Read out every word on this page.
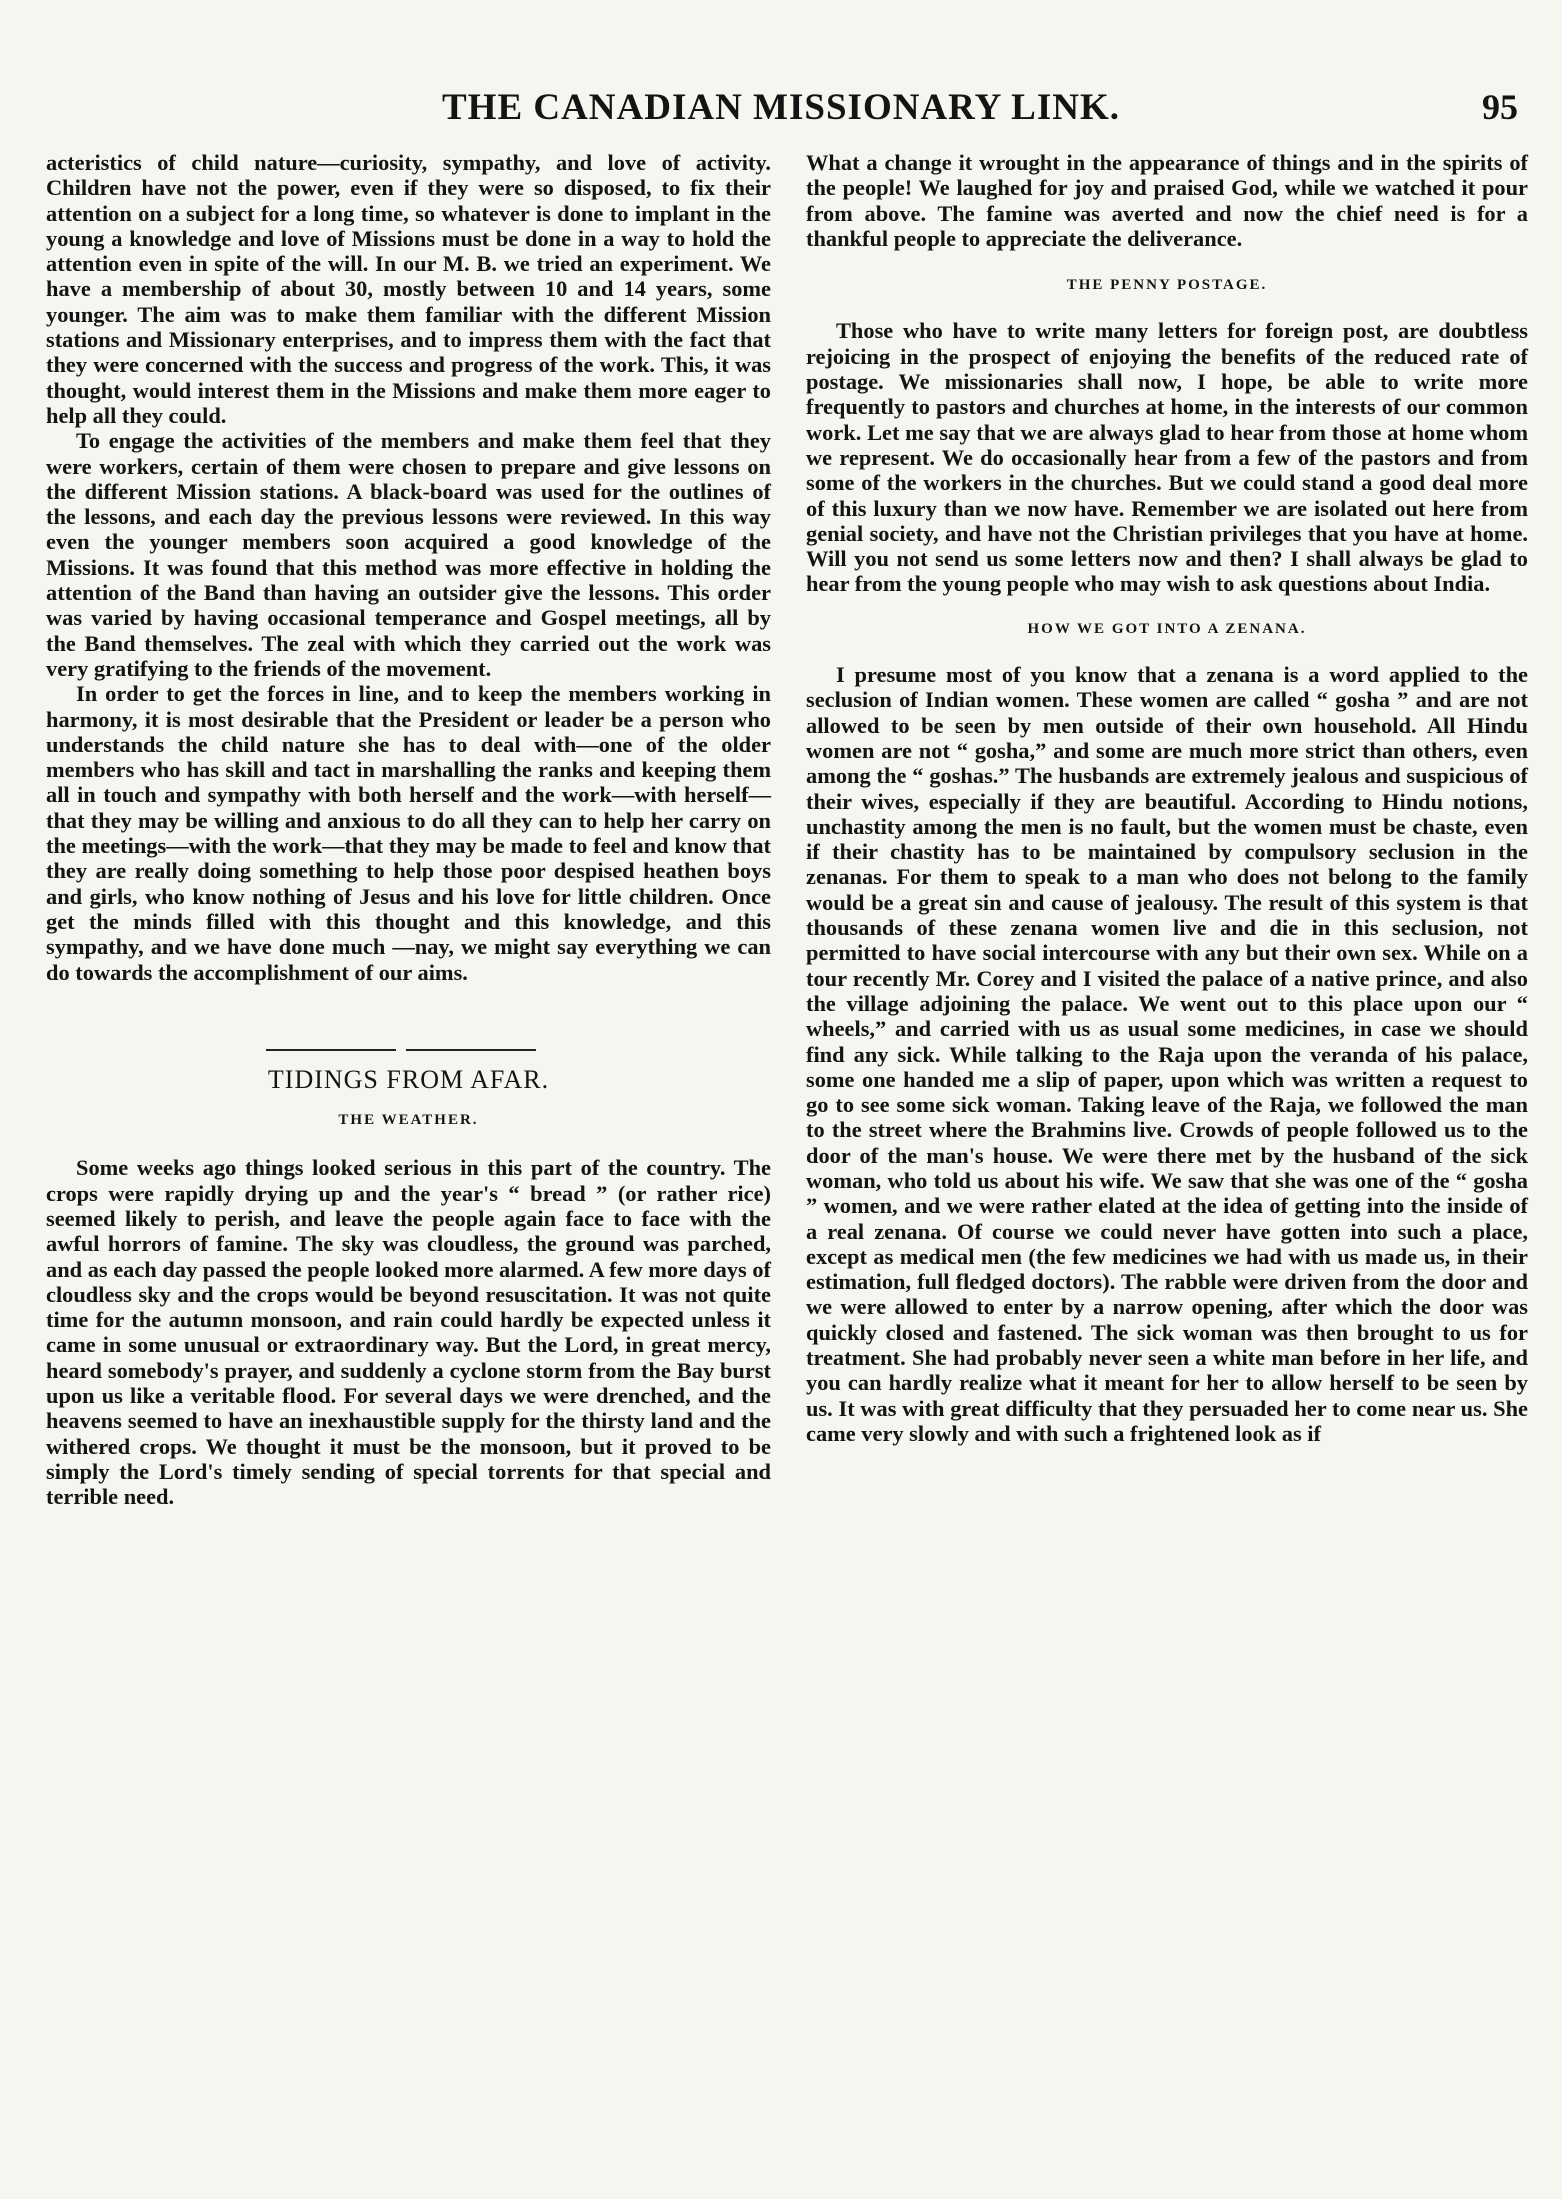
THE CANADIAN MISSIONARY LINK.	95

acteristics of child nature—curiosity, sympathy, and love of activity. Children have not the power, even if they were so disposed, to fix their attention on a subject for a long time, so whatever is done to implant in the young a knowledge and love of Missions must be done in a way to hold the attention even in spite of the will. In our M. B. we tried an experiment. We have a membership of about 30, mostly between 10 and 14 years, some younger. The aim was to make them familiar with the different Mission stations and Missionary enterprises, and to impress them with the fact that they were concerned with the success and progress of the work. This, it was thought, would interest them in the Missions and make them more eager to help all they could.

To engage the activities of the members and make them feel that they were workers, certain of them were chosen to prepare and give lessons on the different Mission stations. A black-board was used for the outlines of the lessons, and each day the previous lessons were reviewed. In this way even the younger members soon acquired a good knowledge of the Missions. It was found that this method was more effective in holding the attention of the Band than having an outsider give the lessons. This order was varied by having occasional temperance and Gospel meetings, all by the Band themselves. The zeal with which they carried out the work was very gratifying to the friends of the movement.

In order to get the forces in line, and to keep the members working in harmony, it is most desirable that the President or leader be a person who understands the child nature she has to deal with—one of the older members who has skill and tact in marshalling the ranks and keeping them all in touch and sympathy with both herself and the work—with herself—that they may be willing and anxious to do all they can to help her carry on the meetings—with the work—that they may be made to feel and know that they are really doing something to help those poor despised heathen boys and girls, who know nothing of Jesus and his love for little children. Once get the minds filled with this thought and this knowledge, and this sympathy, and we have done much —nay, we might say everything we can do towards the accomplishment of our aims.

TIDINGS FROM AFAR.

THE WEATHER.

Some weeks ago things looked serious in this part of the country. The crops were rapidly drying up and the year's “ bread ” (or rather rice) seemed likely to perish, and leave the people again face to face with the awful horrors of famine. The sky was cloudless, the ground was parched, and as each day passed the people looked more alarmed. A few more days of cloudless sky and the crops would be beyond resuscitation. It was not quite time for the autumn monsoon, and rain could hardly be expected unless it came in some unusual or extraordinary way. But the Lord, in great mercy, heard somebody's prayer, and suddenly a cyclone storm from the Bay burst upon us like a veritable flood. For several days we were drenched, and the heavens seemed to have an inexhaustible supply for the thirsty land and the withered crops. We thought it must be the monsoon, but it proved to be simply the Lord's timely sending of special torrents for that special and terrible need.

What a change it wrought in the appearance of things and in the spirits of the people! We laughed for joy and praised God, while we watched it pour from above. The famine was averted and now the chief need is for a thankful people to appreciate the deliverance.

THE PENNY POSTAGE.

Those who have to write many letters for foreign post, are doubtless rejoicing in the prospect of enjoying the benefits of the reduced rate of postage. We missionaries shall now, I hope, be able to write more frequently to pastors and churches at home, in the interests of our common work. Let me say that we are always glad to hear from those at home whom we represent. We do occasionally hear from a few of the pastors and from some of the workers in the churches. But we could stand a good deal more of this luxury than we now have. Remember we are isolated out here from genial society, and have not the Christian privileges that you have at home. Will you not send us some letters now and then? I shall always be glad to hear from the young people who may wish to ask questions about India.

HOW WE GOT INTO A ZENANA.

I presume most of you know that a zenana is a word applied to the seclusion of Indian women. These women are called “ gosha ” and are not allowed to be seen by men outside of their own household. All Hindu women are not “ gosha,” and some are much more strict than others, even among the “ goshas.” The husbands are extremely jealous and suspicious of their wives, especially if they are beautiful. According to Hindu notions, unchastity among the men is no fault, but the women must be chaste, even if their chastity has to be maintained by compulsory seclusion in the zenanas. For them to speak to a man who does not belong to the family would be a great sin and cause of jealousy. The result of this system is that thousands of these zenana women live and die in this seclusion, not permitted to have social intercourse with any but their own sex. While on a tour recently Mr. Corey and I visited the palace of a native prince, and also the village adjoining the palace. We went out to this place upon our “ wheels,” and carried with us as usual some medicines, in case we should find any sick. While talking to the Raja upon the veranda of his palace, some one handed me a slip of paper, upon which was written a request to go to see some sick woman. Taking leave of the Raja, we followed the man to the street where the Brahmins live. Crowds of people followed us to the door of the man's house. We were there met by the husband of the sick woman, who told us about his wife. We saw that she was one of the “ gosha ” women, and we were rather elated at the idea of getting into the inside of a real zenana. Of course we could never have gotten into such a place, except as medical men (the few medicines we had with us made us, in their estimation, full fledged doctors). The rabble were driven from the door and we were allowed to enter by a narrow opening, after which the door was quickly closed and fastened. The sick woman was then brought to us for treatment. She had probably never seen a white man before in her life, and you can hardly realize what it meant for her to allow herself to be seen by us. It was with great difficulty that they persuaded her to come near us. She came very slowly and with such a frightened look as if
